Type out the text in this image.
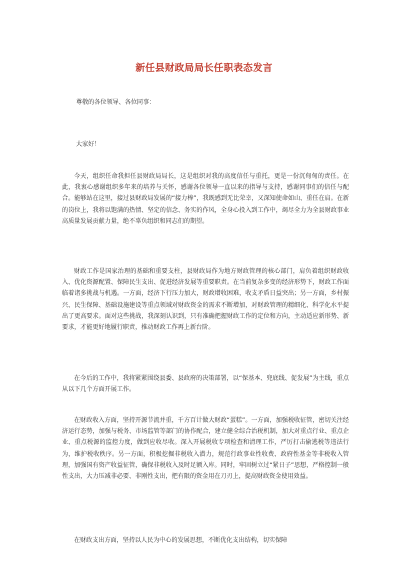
新任县财政局局长任职表态发言
尊敬的各位领导、各位同事：
大家好！
今天，组织任命我担任县财政局局长，这是组织对我的高度信任与重托，更是一份沉甸甸的责任。在此，我衷心感谢组织多年来的培养与关怀，感谢各位领导一直以来的指导与支持，感谢同事们的信任与配合。能够站在这里，接过县财政局发展的“接力棒”，我既感到无比荣幸，又深知使命如山、重任在肩。在新的岗位上，我将以饱满的热情、坚定的信念、务实的作风，全身心投入到工作中，竭尽全力为全县财政事业高质量发展贡献力量，绝不辜负组织和同志们的期望。
财政工作是国家治理的基础和重要支柱，县财政局作为地方财政管理的核心部门，肩负着组织财政收入、优化资源配置、保障民生支出、促进经济发展等重要职责。在当前复杂多变的经济形势下，财政工作面临着诸多挑战与机遇。一方面，经济下行压力加大，财政增收困难，收支矛盾日益突出；另一方面，乡村振兴、民生保障、基础设施建设等重点领域对财政资金的需求不断增加，对财政管理的精细化、科学化水平提出了更高要求。面对这些挑战，我深刻认识到，只有准确把握财政工作的定位和方向，主动适应新形势、新要求，才能更好地履行职责，推动财政工作再上新台阶。
在今后的工作中，我将紧紧围绕县委、县政府的决策部署，以“保基本、兜底线、促发展”为主线，重点从以下几个方面开展工作。
在财政收入方面，坚持开源节流并重，千方百计做大财政“蛋糕”。一方面，加强税收征管，密切关注经济运行态势，加强与税务、市场监管等部门的协作配合，建立健全综合治税机制，加大对重点行业、重点企业、重点税源的监控力度，做到应收尽收。深入开展税收专项检查和清理工作，严厉打击偷逃税等违法行为，维护税收秩序。另一方面，积极挖掘非税收入潜力，规范行政事业性收费、政府性基金等非税收入管理，加强国有资产收益征管，确保非税收入及时足额入库。同时，牢固树立过“紧日子”思想，严格控制一般性支出，大力压减非必要、非刚性支出，把有限的资金用在刀刃上，提高财政资金使用效益。
在财政支出方面，坚持以人民为中心的发展思想，不断优化支出结构，切实保障
